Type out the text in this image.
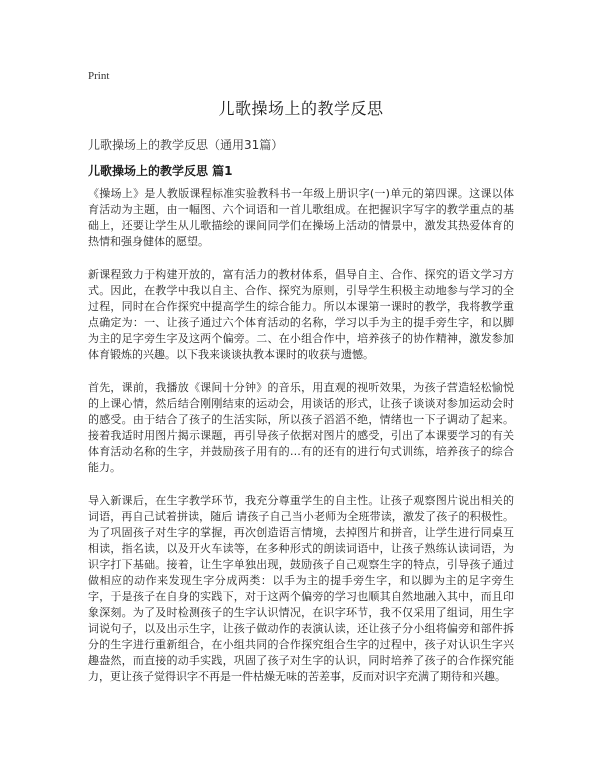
Print
儿歌操场上的教学反思
儿歌操场上的教学反思（通用31篇）
儿歌操场上的教学反思 篇1

《操场上》是人教版课程标准实验教科书一年级上册识字(一)单元的第四课。这课以体育活动为主题，由一幅图、六个词语和一首儿歌组成。在把握识字写字的教学重点的基础上，还要让学生从儿歌描绘的课间同学们在操场上活动的情景中，激发其热爱体育的热情和强身健体的愿望。

新课程致力于构建开放的，富有活力的教材体系，倡导自主、合作、探究的语文学习方式。因此，在教学中我以自主、合作、探究为原则，引导学生积极主动地参与学习的全过程，同时在合作探究中提高学生的综合能力。所以本课第一课时的教学，我将教学重点确定为：一、让孩子通过六个体育活动的名称，学习以手为主的提手旁生字，和以脚为主的足字旁生字及这两个偏旁。二、在小组合作中，培养孩子的协作精神，激发参加体育锻炼的兴趣。以下我来谈谈执教本课时的收获与遗憾。

首先，课前，我播放《课间十分钟》的音乐，用直观的视听效果，为孩子营造轻松愉悦的上课心情，然后结合刚刚结束的运动会，用谈话的形式，让孩子谈谈对参加运动会时的感受。由于结合了孩子的生活实际，所以孩子滔滔不绝，情绪也一下子调动了起来。接着我适时用图片揭示课题，再引导孩子依据对图片的感受，引出了本课要学习的有关体育活动名称的生字，并鼓励孩子用有的…有的还有的进行句式训练，培养孩子的综合能力。

导入新课后，在生字教学环节，我充分尊重学生的自主性。让孩子观察图片说出相关的词语，再自己试着拼读，随后 请孩子自己当小老师为全班带读，激发了孩子的积极性。为了巩固孩子对生字的掌握，再次创造语言情境，去掉图片和拼音，让学生进行同桌互相读，指名读，以及开火车读等，在多种形式的朗读词语中，让孩子熟练认读词语，为识字打下基础。接着，让生字单独出现，鼓励孩子自己观察生字的特点，引导孩子通过做相应的动作来发现生字分成两类：以手为主的提手旁生字，和以脚为主的足字旁生字，于是孩子在自身的实践下，对于这两个偏旁的学习也顺其自然地融入其中，而且印象深刻。为了及时检测孩子的生字认识情况，在识字环节，我不仅采用了组词，用生字词说句子，以及出示生字，让孩子做动作的表演认读，还让孩子分小组将偏旁和部件拆分的生字进行重新组合，在小组共同的合作探究组合生字的过程中，孩子对认识生字兴趣盎然，而直接的动手实践，巩固了孩子对生字的认识，同时培养了孩子的合作探究能力，更让孩子觉得识字不再是一件枯燥无味的苦差事，反而对识字充满了期待和兴趣。
